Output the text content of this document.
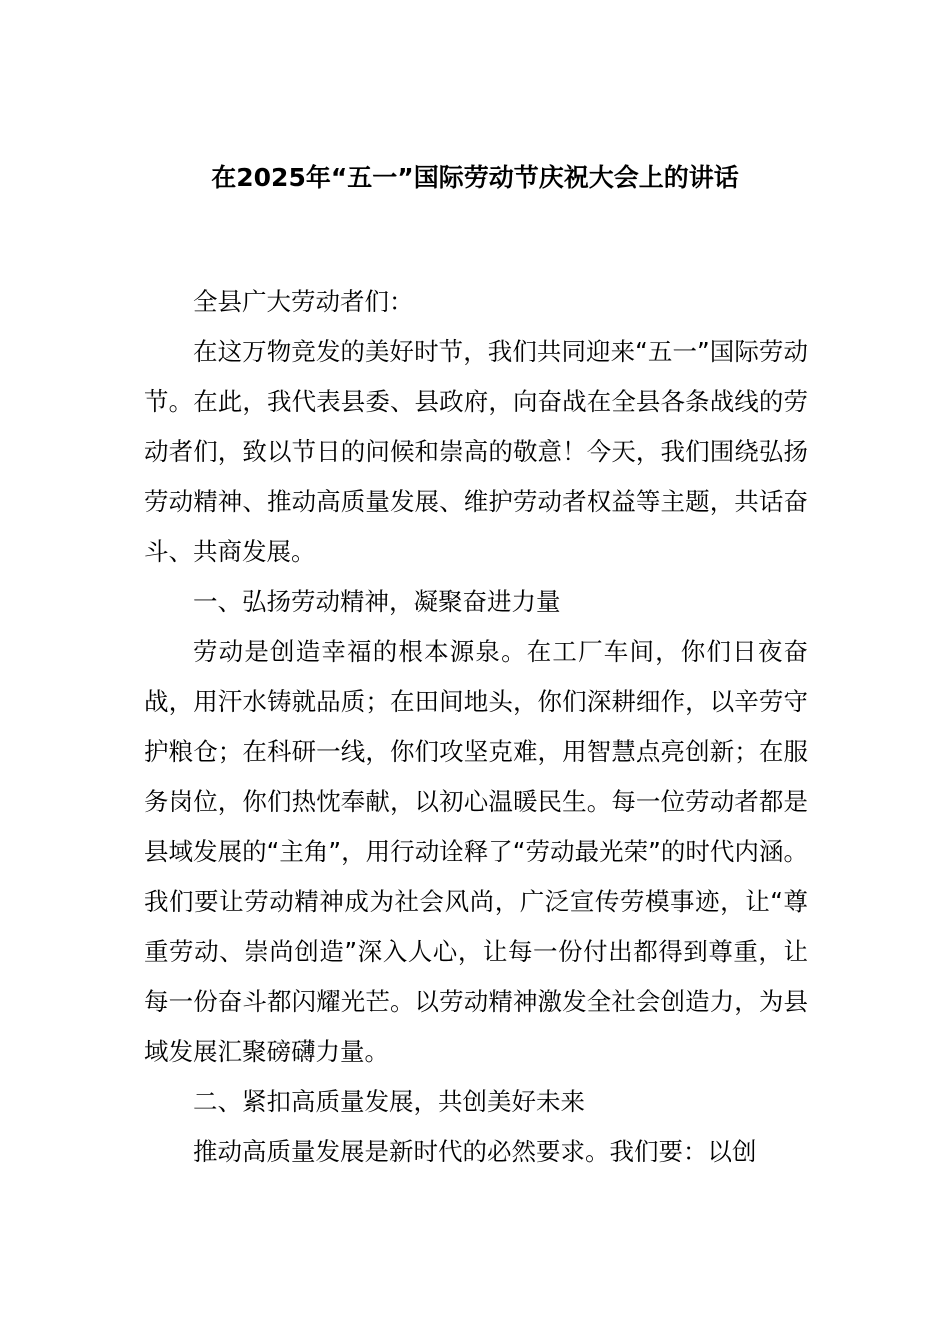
在2025年“五一”国际劳动节庆祝大会上的讲话

全县广大劳动者们：

在这万物竞发的美好时节，我们共同迎来“五一”国际劳动节。在此，我代表县委、县政府，向奋战在全县各条战线的劳动者们，致以节日的问候和崇高的敬意！今天，我们围绕弘扬劳动精神、推动高质量发展、维护劳动者权益等主题，共话奋斗、共商发展。

一、弘扬劳动精神，凝聚奋进力量

劳动是创造幸福的根本源泉。在工厂车间，你们日夜奋战，用汗水铸就品质；在田间地头，你们深耕细作，以辛劳守护粮仓；在科研一线，你们攻坚克难，用智慧点亮创新；在服务岗位，你们热忱奉献，以初心温暖民生。每一位劳动者都是县域发展的“主角”，用行动诠释了“劳动最光荣”的时代内涵。我们要让劳动精神成为社会风尚，广泛宣传劳模事迹，让“尊重劳动、崇尚创造”深入人心，让每一份付出都得到尊重，让每一份奋斗都闪耀光芒。以劳动精神激发全社会创造力，为县域发展汇聚磅礴力量。

二、紧扣高质量发展，共创美好未来

推动高质量发展是新时代的必然要求。我们要：以创
